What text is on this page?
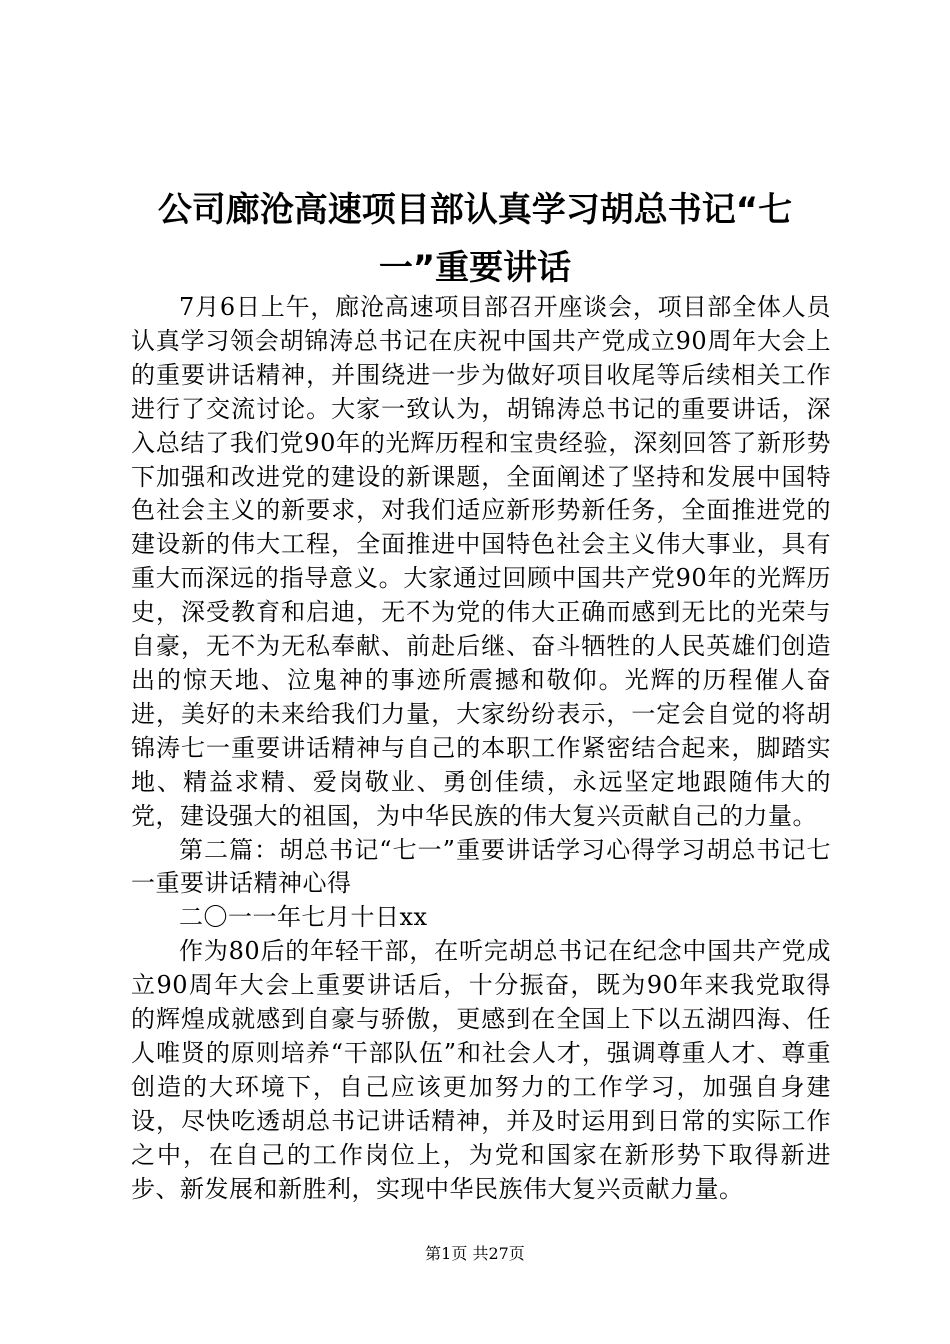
公司廊沧高速项目部认真学习胡总书记“七
一”重要讲话

7月6日上午，廊沧高速项目部召开座谈会，项目部全体人员认真学习领会胡锦涛总书记在庆祝中国共产党成立90周年大会上的重要讲话精神，并围绕进一步为做好项目收尾等后续相关工作进行了交流讨论。大家一致认为，胡锦涛总书记的重要讲话，深入总结了我们党90年的光辉历程和宝贵经验，深刻回答了新形势下加强和改进党的建设的新课题，全面阐述了坚持和发展中国特色社会主义的新要求，对我们适应新形势新任务，全面推进党的建设新的伟大工程，全面推进中国特色社会主义伟大事业，具有重大而深远的指导意义。大家通过回顾中国共产党90年的光辉历史，深受教育和启迪，无不为党的伟大正确而感到无比的光荣与自豪，无不为无私奉献、前赴后继、奋斗牺牲的人民英雄们创造出的惊天地、泣鬼神的事迹所震撼和敬仰。光辉的历程催人奋进，美好的未来给我们力量，大家纷纷表示，一定会自觉的将胡锦涛七一重要讲话精神与自己的本职工作紧密结合起来，脚踏实地、精益求精、爱岗敬业、勇创佳绩，永远坚定地跟随伟大的党，建设强大的祖国，为中华民族的伟大复兴贡献自己的力量。

第二篇：胡总书记“七一”重要讲话学习心得学习胡总书记七一重要讲话精神心得

二〇一一年七月十日xx

作为80后的年轻干部，在听完胡总书记在纪念中国共产党成立90周年大会上重要讲话后，十分振奋，既为90年来我党取得的辉煌成就感到自豪与骄傲，更感到在全国上下以五湖四海、任人唯贤的原则培养“干部队伍”和社会人才，强调尊重人才、尊重创造的大环境下，自己应该更加努力的工作学习，加强自身建设，尽快吃透胡总书记讲话精神，并及时运用到日常的实际工作之中，在自己的工作岗位上，为党和国家在新形势下取得新进步、新发展和新胜利，实现中华民族伟大复兴贡献力量。

第1页 共27页
